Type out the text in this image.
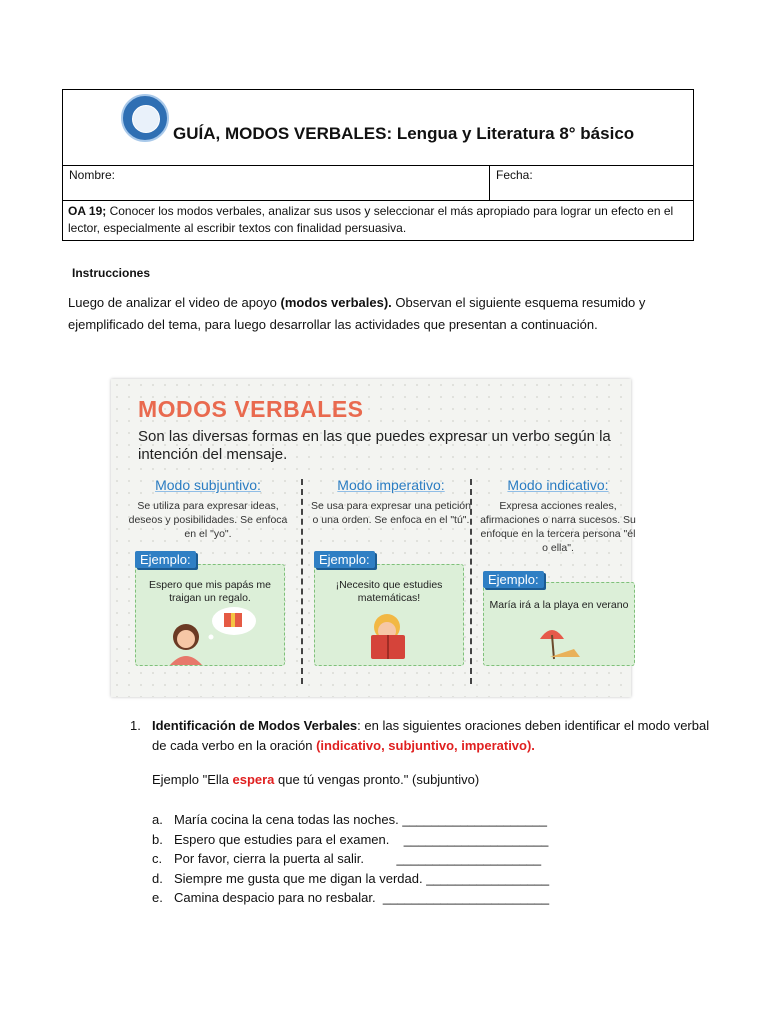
GUÍA, MODOS VERBALES: Lengua y Literatura 8° básico
Nombre:	Fecha:
OA 19; Conocer los modos verbales, analizar sus usos y seleccionar el más apropiado para lograr un efecto en el lector, especialmente al escribir textos con finalidad persuasiva.
Instrucciones
Luego de analizar el video de apoyo (modos verbales). Observan el siguiente esquema resumido y ejemplificado del tema, para luego desarrollar las actividades que presentan a continuación.
MODOS VERBALES
Son las diversas formas en las que puedes expresar un verbo según la intención del mensaje.
Modo subjuntivo:
Se utiliza para expresar ideas, deseos y posibilidades. Se enfoca en el "yo".
Modo imperativo:
Se usa para expresar una petición o una orden. Se enfoca en el "tú".
Modo indicativo:
Expresa acciones reales, afirmaciones o narra sucesos. Su enfoque en la tercera persona "él o ella".
Espero que mis papás me traigan un regalo.
Ejemplo:
¡Necesito que estudies matemáticas!
Ejemplo:
María irá a la playa en verano
Ejemplo:
1. Identificación de Modos Verbales: en las siguientes oraciones deben identificar el modo verbal de cada verbo en la oración (indicativo, subjuntivo, imperativo).
Ejemplo "Ella espera que tú vengas pronto." (subjuntivo)
a. María cocina la cena todas las noches. ____________________
b. Espero que estudies para el examen.    ____________________
c. Por favor, cierra la puerta al salir.         ____________________
d. Siempre me gusta que me digan la verdad. _________________
e. Camina despacio para no resbalar.  _______________________
